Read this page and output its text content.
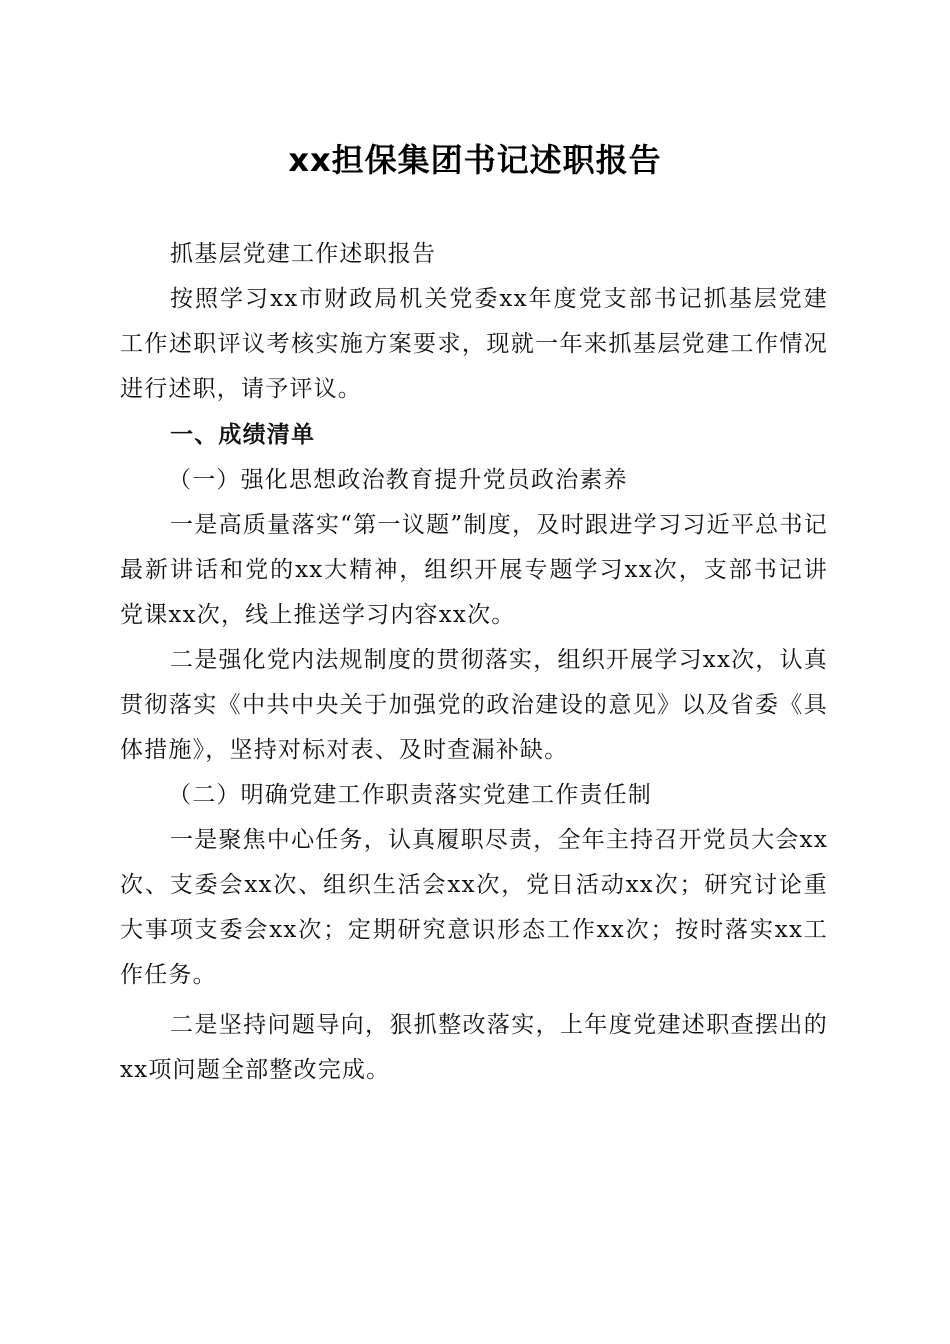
xx担保集团书记述职报告

抓基层党建工作述职报告

按照学习xx市财政局机关党委xx年度党支部书记抓基层党建工作述职评议考核实施方案要求，现就一年来抓基层党建工作情况进行述职，请予评议。

一、成绩清单

（一）强化思想政治教育提升党员政治素养

一是高质量落实“第一议题”制度，及时跟进学习习近平总书记最新讲话和党的xx大精神，组织开展专题学习xx次，支部书记讲党课xx次，线上推送学习内容xx次。

二是强化党内法规制度的贯彻落实，组织开展学习xx次，认真贯彻落实《中共中央关于加强党的政治建设的意见》以及省委《具体措施》，坚持对标对表、及时查漏补缺。

（二）明确党建工作职责落实党建工作责任制

一是聚焦中心任务，认真履职尽责，全年主持召开党员大会xx次、支委会xx次、组织生活会xx次，党日活动xx次；研究讨论重大事项支委会xx次；定期研究意识形态工作xx次；按时落实xx工作任务。

二是坚持问题导向，狠抓整改落实，上年度党建述职查摆出的xx项问题全部整改完成。
